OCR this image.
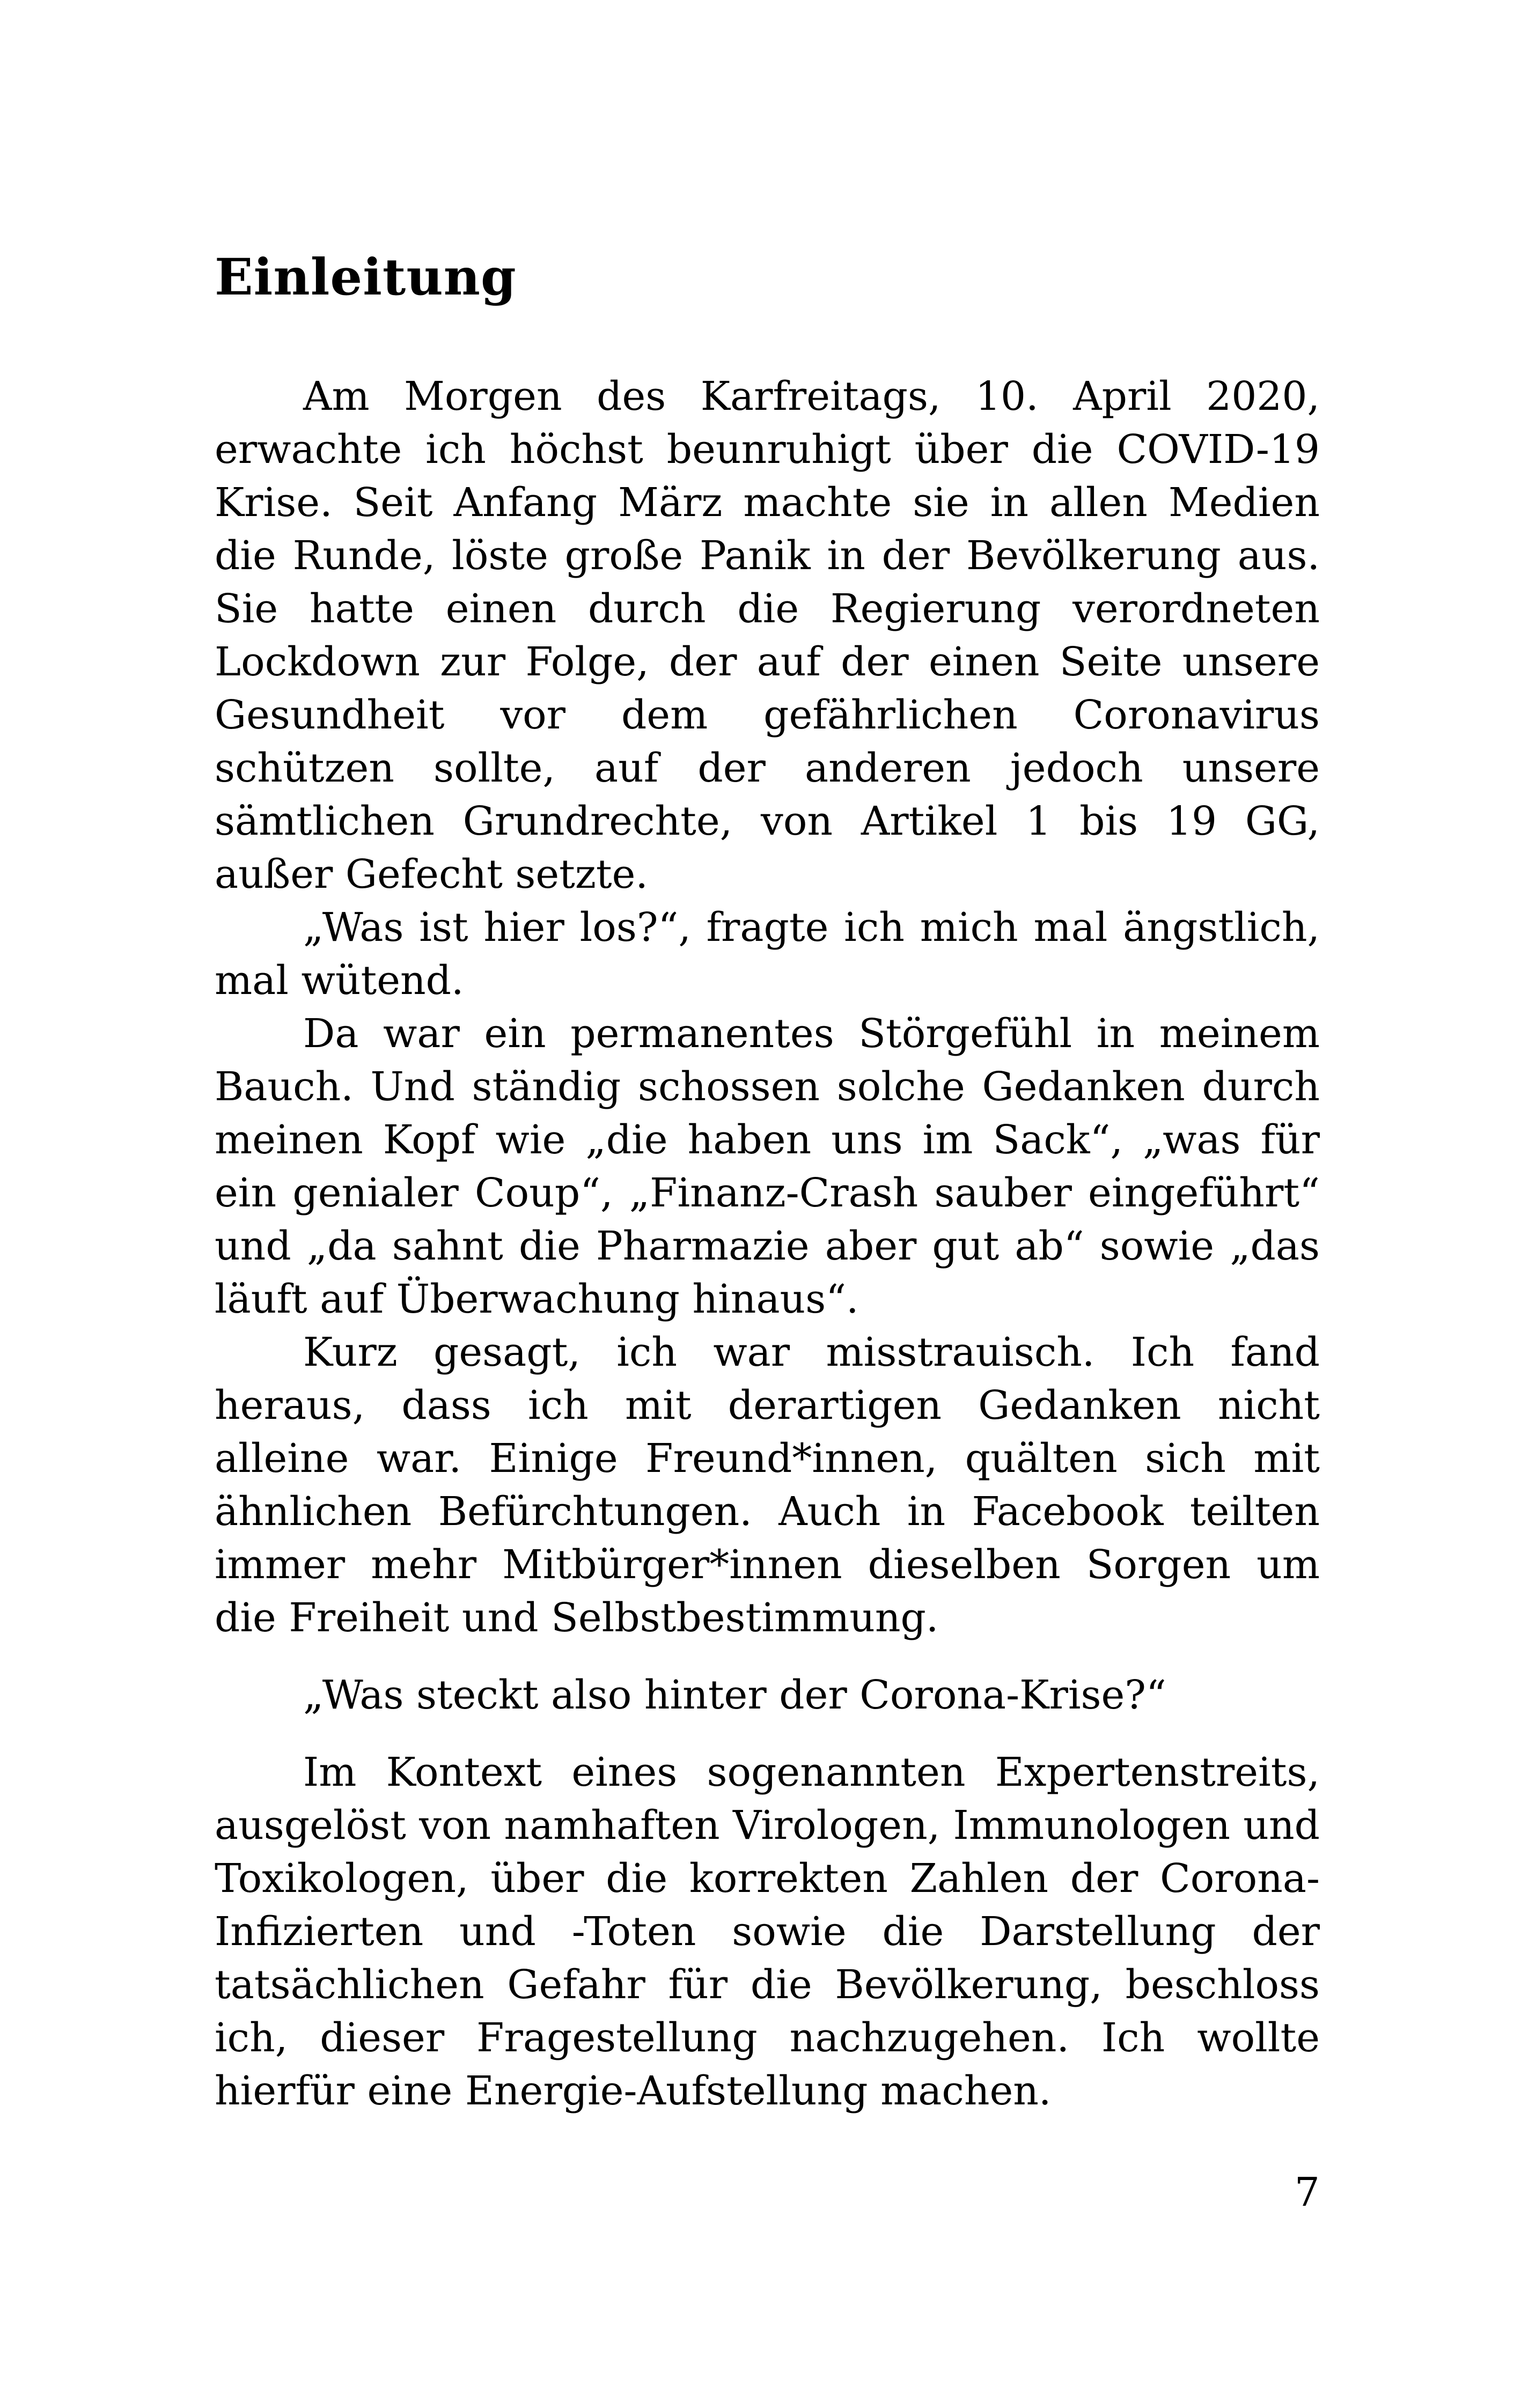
Einleitung

Am Morgen des Karfreitags, 10. April 2020, erwachte ich höchst beunruhigt über die COVID-19 Krise. Seit Anfang März machte sie in allen Medien die Runde, löste große Panik in der Bevölkerung aus. Sie hatte einen durch die Regierung verordneten Lockdown zur Folge, der auf der einen Seite unsere Gesundheit vor dem gefährlichen Coronavirus schützen sollte, auf der anderen jedoch unsere sämtlichen Grundrechte, von Artikel 1 bis 19 GG, außer Gefecht setzte.

„Was ist hier los?“, fragte ich mich mal ängstlich, mal wütend.

Da war ein permanentes Störgefühl in meinem Bauch. Und ständig schossen solche Gedanken durch meinen Kopf wie „die haben uns im Sack“, „was für ein genialer Coup“, „Finanz-Crash sauber eingeführt“ und „da sahnt die Pharmazie aber gut ab“ sowie „das läuft auf Überwachung hinaus“.

Kurz gesagt, ich war misstrauisch. Ich fand heraus, dass ich mit derartigen Gedanken nicht alleine war. Einige Freund*innen, quälten sich mit ähnlichen Befürchtungen. Auch in Facebook teilten immer mehr Mitbürger*innen dieselben Sorgen um die Freiheit und Selbstbestimmung.

„Was steckt also hinter der Corona-Krise?“

Im Kontext eines sogenannten Expertenstreits, ausgelöst von namhaften Virologen, Immunologen und Toxikologen, über die korrekten Zahlen der Corona-Infizierten und -Toten sowie die Darstellung der tatsächlichen Gefahr für die Bevölkerung, beschloss ich, dieser Fragestellung nachzugehen. Ich wollte hierfür eine Energie-Aufstellung machen.

7
